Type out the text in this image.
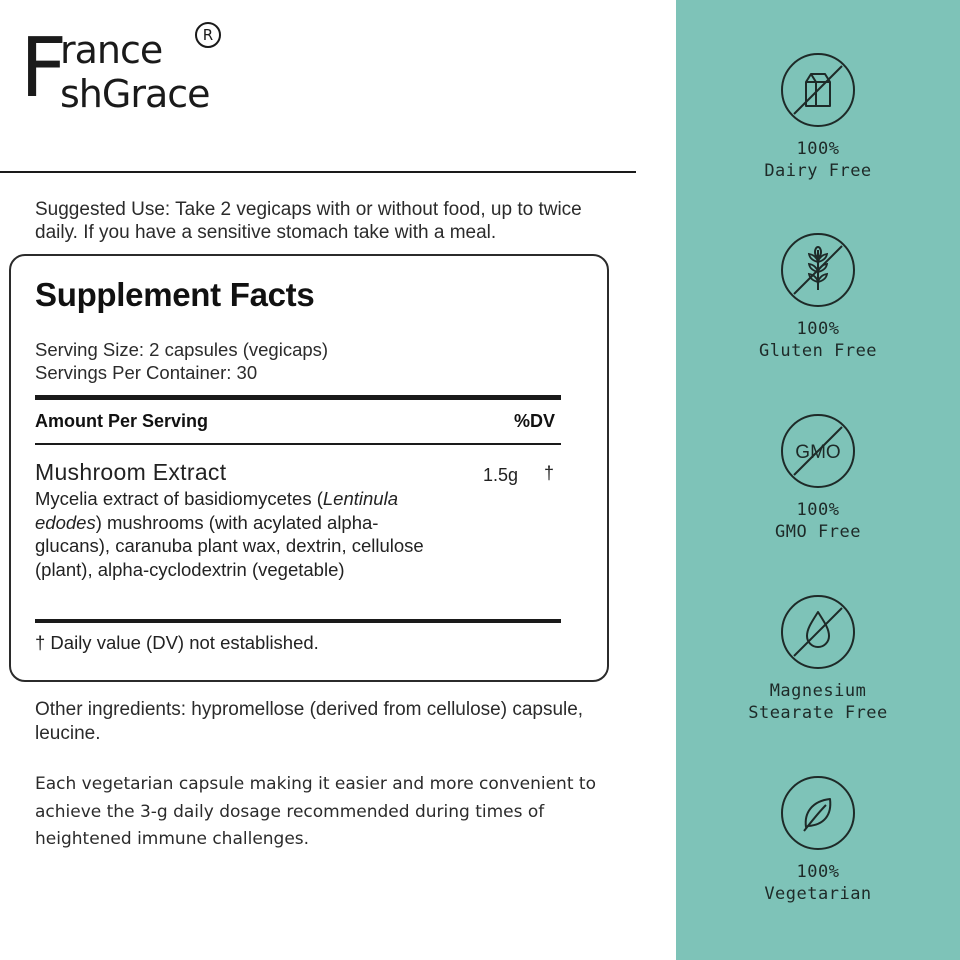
F
rance
shGrace
R

Suggested Use: Take 2 vegicaps with or without food, up to twice daily. If you have a sensitive stomach take with a meal.

Supplement Facts
Serving Size: 2 capsules (vegicaps)
Servings Per Container: 30
Amount Per Serving	%DV
Mushroom Extract	1.5g †
Mycelia extract of basidiomycetes (Lentinula edodes) mushrooms (with acylated alpha-glucans), caranuba plant wax, dextrin, cellulose (plant), alpha-cyclodextrin (vegetable)
† Daily value (DV) not established.

Other ingredients: hypromellose (derived from cellulose) capsule, leucine.

Each vegetarian capsule making it easier and more convenient to achieve the 3-g daily dosage recommended during times of heightened immune challenges.

100%
Dairy Free
100%
Gluten Free
GMO
100%
GMO Free
Magnesium
Stearate Free
100%
Vegetarian
